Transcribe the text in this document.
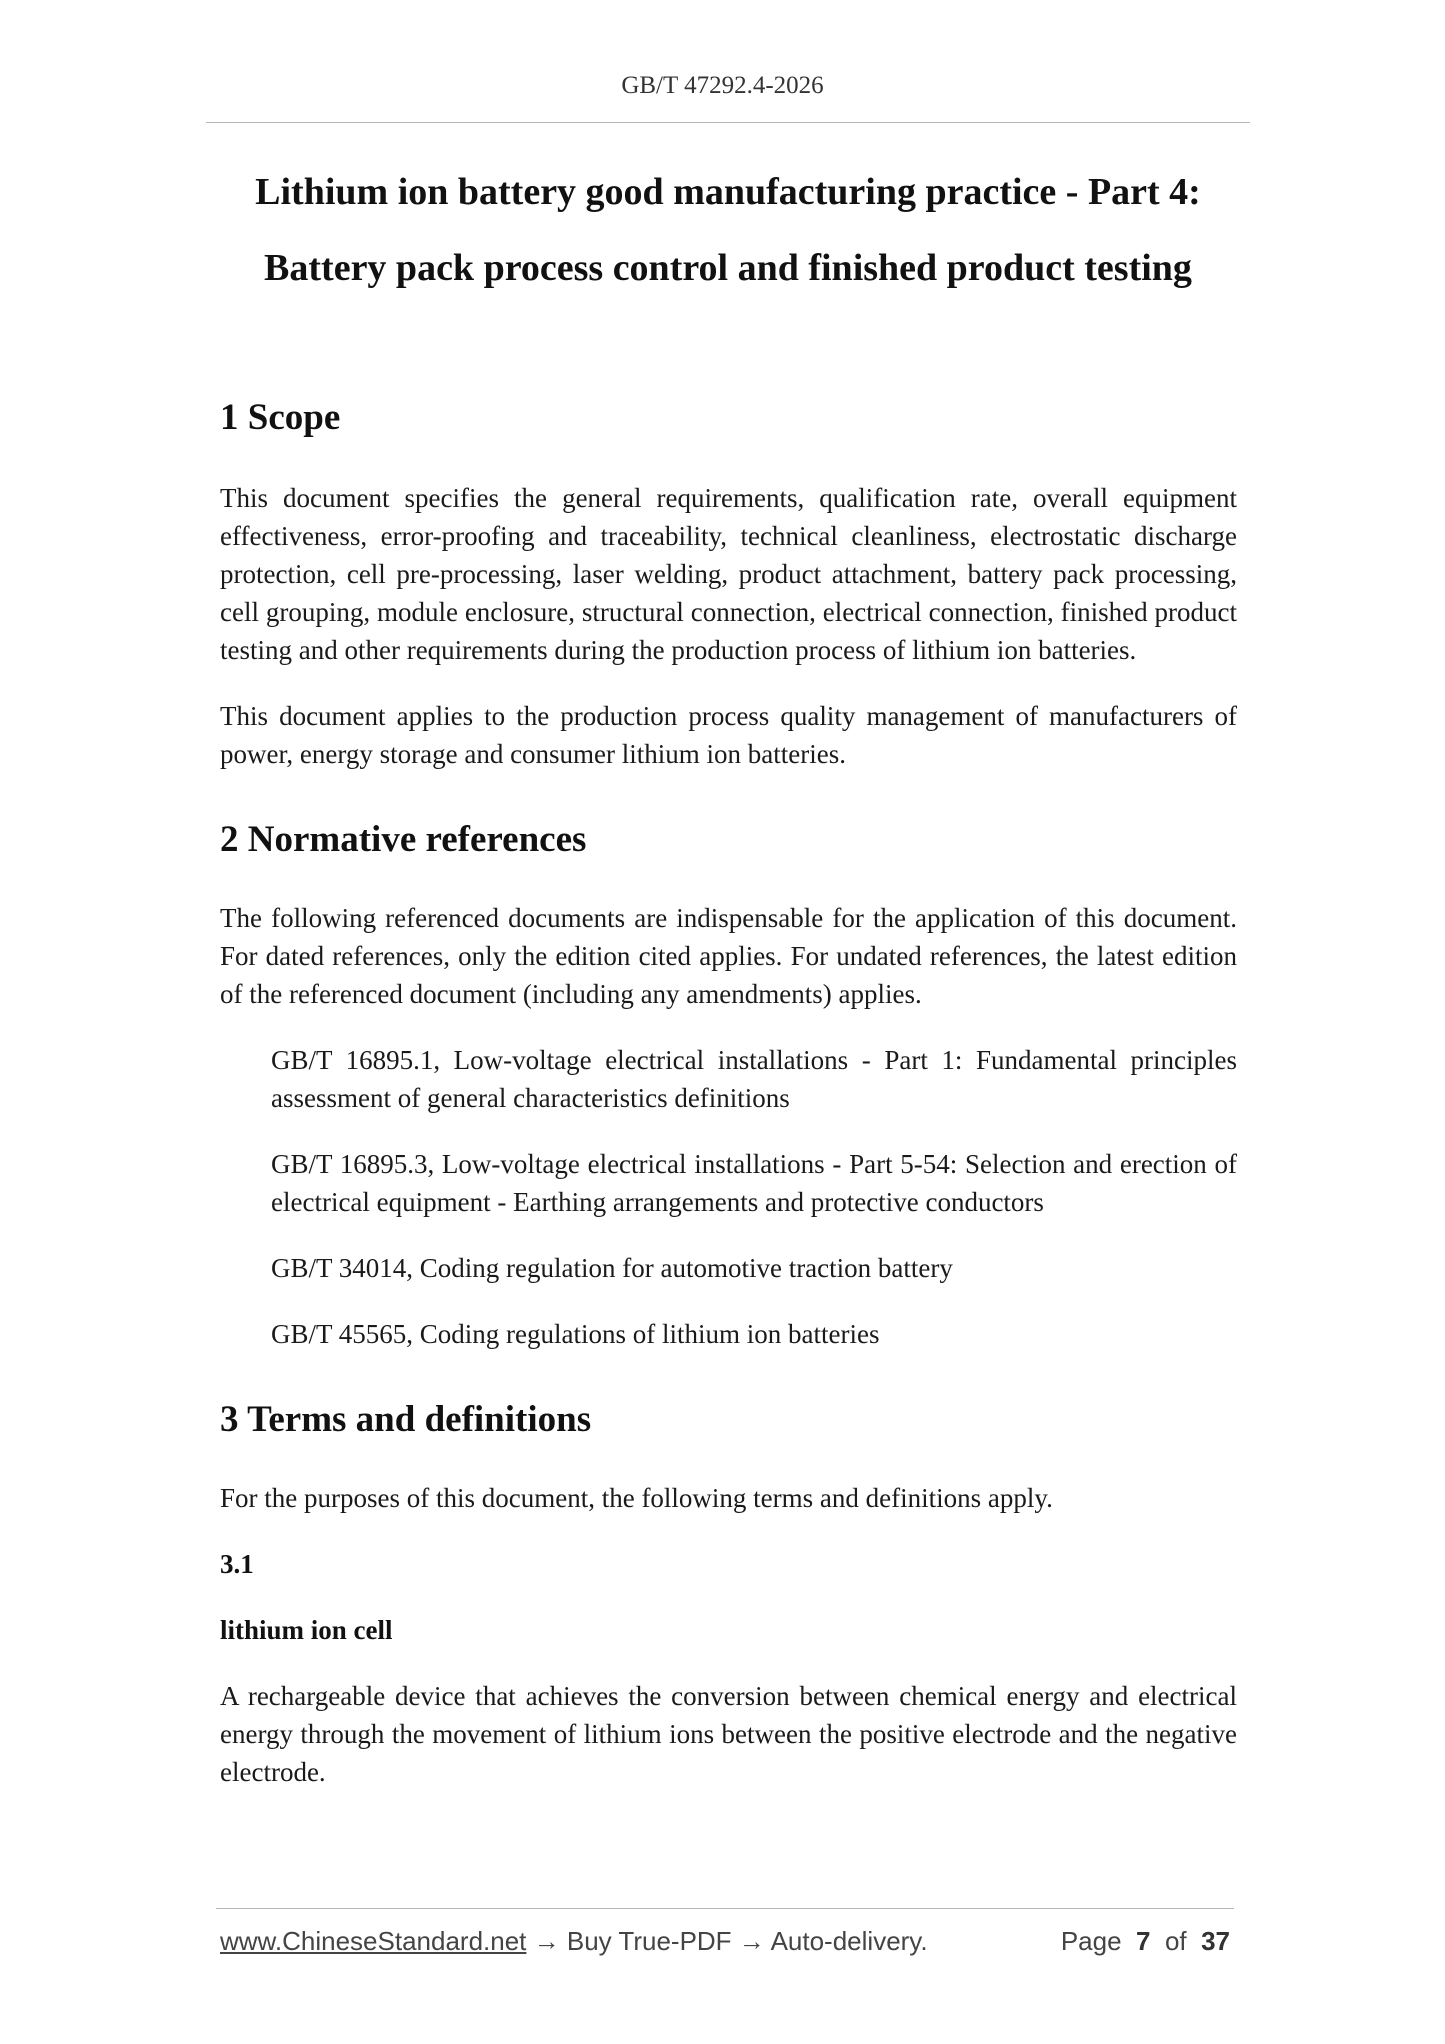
GB/T 47292.4-2026
Lithium ion battery good manufacturing practice - Part 4:
Battery pack process control and finished product testing
1 Scope

This document specifies the general requirements, qualification rate, overall equipment effectiveness, error-proofing and traceability, technical cleanliness, electrostatic discharge protection, cell pre-processing, laser welding, product attachment, battery pack processing, cell grouping, module enclosure, structural connection, electrical connection, finished product testing and other requirements during the production process of lithium ion batteries.

This document applies to the production process quality management of manufacturers of power, energy storage and consumer lithium ion batteries.

2 Normative references

The following referenced documents are indispensable for the application of this document. For dated references, only the edition cited applies. For undated references, the latest edition of the referenced document (including any amendments) applies.

GB/T 16895.1, Low-voltage electrical installations - Part 1: Fundamental principles assessment of general characteristics definitions

GB/T 16895.3, Low-voltage electrical installations - Part 5-54: Selection and erection of electrical equipment - Earthing arrangements and protective conductors

GB/T 34014, Coding regulation for automotive traction battery

GB/T 45565, Coding regulations of lithium ion batteries

3 Terms and definitions

For the purposes of this document, the following terms and definitions apply.

3.1

lithium ion cell

A rechargeable device that achieves the conversion between chemical energy and electrical energy through the movement of lithium ions between the positive electrode and the negative electrode.

www.ChineseStandard.net → Buy True-PDF → Auto-delivery.	Page 7 of 37
